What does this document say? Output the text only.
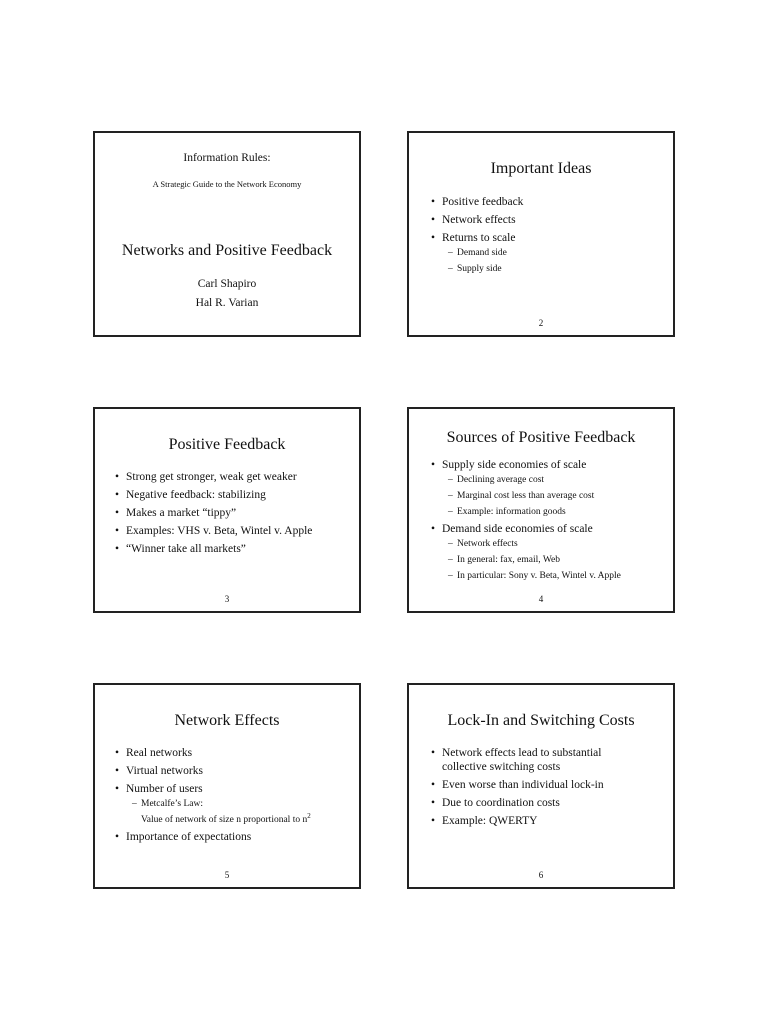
Information Rules:
A Strategic Guide to the Network Economy
Networks and Positive Feedback
Carl Shapiro
Hal R. Varian
Important Ideas
• Positive feedback
• Network effects
• Returns to scale
– Demand side
– Supply side
2
Positive Feedback
• Strong get stronger, weak get weaker
• Negative feedback: stabilizing
• Makes a market “tippy”
• Examples: VHS v. Beta, Wintel v. Apple
• “Winner take all markets”
3
Sources of Positive Feedback
• Supply side economies of scale
– Declining average cost
– Marginal cost less than average cost
– Example: information goods
• Demand side economies of scale
– Network effects
– In general: fax, email, Web
– In particular: Sony v. Beta, Wintel v. Apple
4
Network Effects
• Real networks
• Virtual networks
• Number of users
– Metcalfe’s Law:
Value of network of size n proportional to $n^2$
• Importance of expectations
5
Lock-In and Switching Costs
• Network effects lead to substantial
collective switching costs
• Even worse than individual lock-in
• Due to coordination costs
• Example: QWERTY
6
